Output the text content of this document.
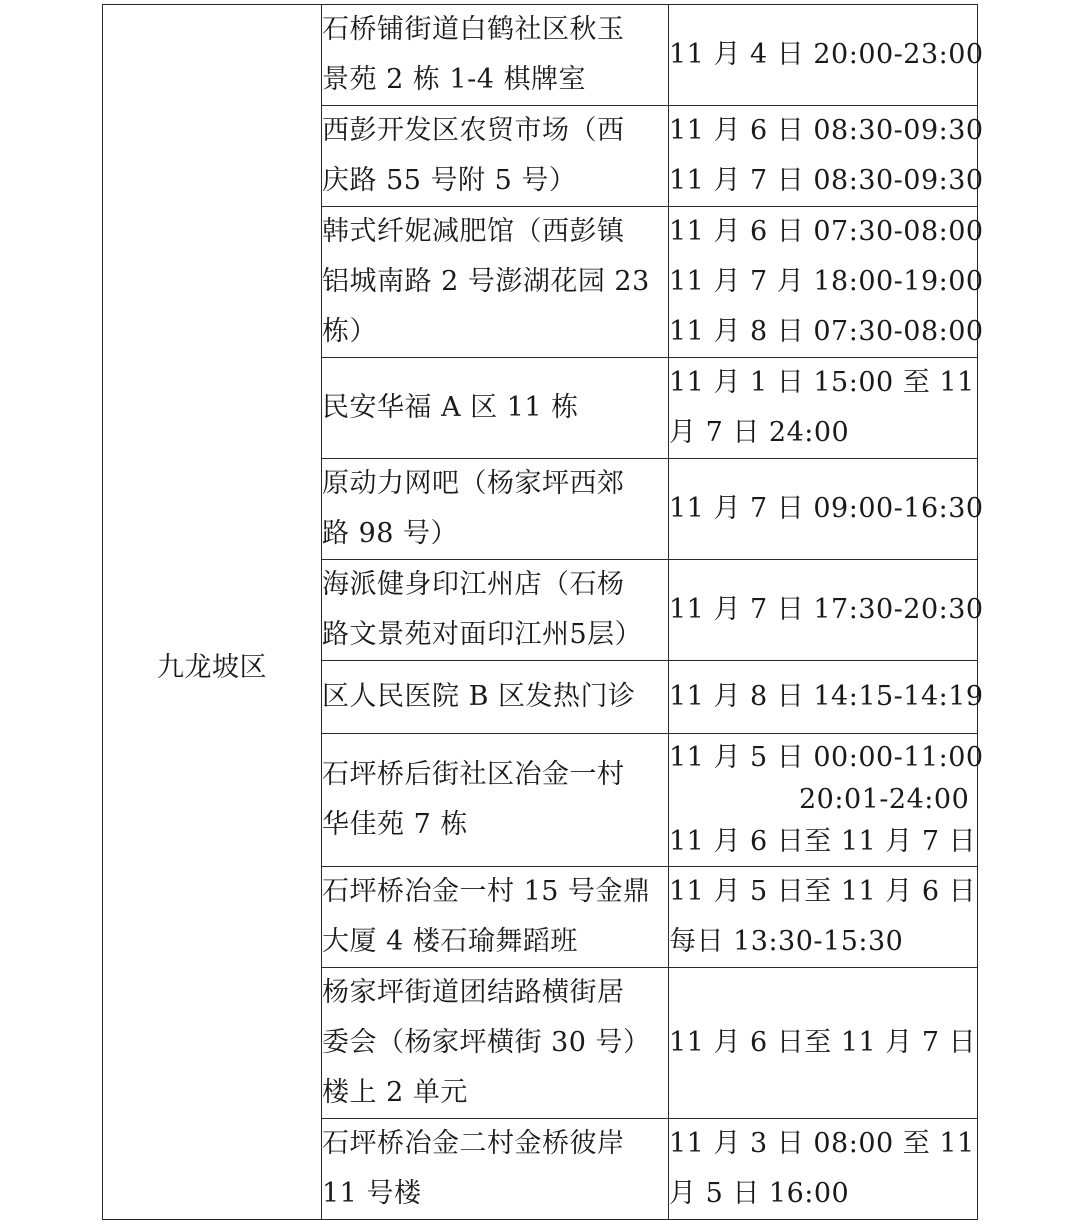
九龙坡区	石桥铺街道白鹤社区秋玉
景苑 2 栋 1-4 棋牌室	11 月 4 日 20:00-23:00

	西彭开发区农贸市场（西
庆路 55 号附 5 号）	11 月 6 日 08:30-09:30
11 月 7 日 08:30-09:30

	韩式纤妮减肥馆（西彭镇
铝城南路 2 号澎湖花园 23
栋）	11 月 6 日 07:30-08:00
11 月 7 月 18:00-19:00
11 月 8 日 07:30-08:00

	民安华福 A 区 11 栋	11 月 1 日 15:00 至 11
月 7 日 24:00

	原动力网吧（杨家坪西郊
路 98 号）	11 月 7 日 09:00-16:30

	海派健身印江州店（石杨
路文景苑对面印江州5层）	11 月 7 日 17:30-20:30

	区人民医院 B 区发热门诊	11 月 8 日 14:15-14:19

	石坪桥后街社区冶金一村
华佳苑 7 栋	11 月 5 日 00:00-11:00
20:01-24:00
11 月 6 日至 11 月 7 日

	石坪桥冶金一村 15 号金鼎
大厦 4 楼石瑜舞蹈班	11 月 5 日至 11 月 6 日
每日 13:30-15:30

	杨家坪街道团结路横街居
委会（杨家坪横街 30 号）
楼上 2 单元	11 月 6 日至 11 月 7 日

	石坪桥冶金二村金桥彼岸
11 号楼	11 月 3 日 08:00 至 11
月 5 日 16:00
